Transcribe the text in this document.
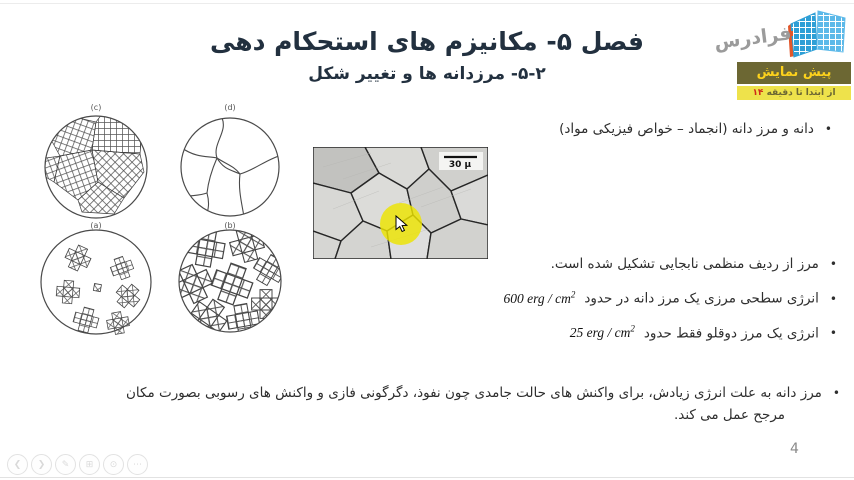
فرادرس
پیش نمایش
از ابتدا تا دقیقه ۱۴
فصل ۵- مکانیزم های استحکام دهی
۵-۲- مرزدانه ها و تغییر شکل
•دانه و مرز دانه (انجماد – خواص فیزیکی مواد)
(c)	(d)
(a)	(b)
30 μ
•مرز از ردیف منظمی نابجایی تشکیل شده است.
•انرژی سطحی مرزی یک مرز دانه در حدود600 erg / $cm^2$
•انرژی یک مرز دوقلو فقط حدود25 erg / $cm^2$
•مرز دانه به علت انرژی زیادش، برای واکنش های حالت جامدی چون نفوذ، دگرگونی فازی و واکنش های رسوبی بصورت مکان
مرجح عمل می کند.
4
❮ ❯ ✎ ⊞ ⊙ ⋯
